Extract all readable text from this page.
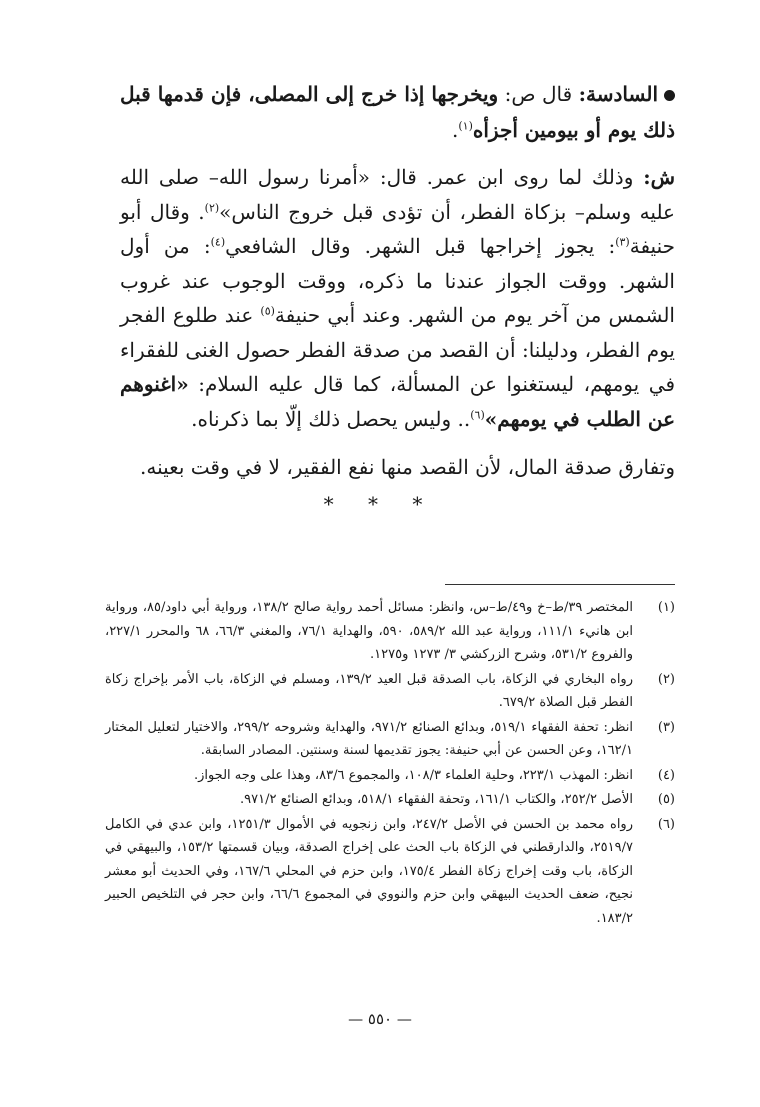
السادسة: قال ص: ويخرجها إذا خرج إلى المصلى، فإن قدمها قبل ذلك يوم أو بيومين أجزأه$^{(١)}$.
ش: وذلك لما روى ابن عمر. قال: «أمرنا رسول الله– صلى الله عليه وسلم– بزكاة الفطر، أن تؤدى قبل خروج الناس»$^{(٢)}$. وقال أبو حنيفة$^{(٣)}$: يجوز إخراجها قبل الشهر. وقال الشافعي$^{(٤)}$: من أول الشهر. ووقت الجواز عندنا ما ذكره، ووقت الوجوب عند غروب الشمس من آخر يوم من الشهر. وعند أبي حنيفة$^{(٥)}$ عند طلوع الفجر يوم الفطر، ودليلنا: أن القصد من صدقة الفطر حصول الغنى للفقراء في يومهم، ليستغنوا عن المسألة، كما قال عليه السلام: «اغنوهم عن الطلب في يومهم»$^{(٦)}$.. وليس يحصل ذلك إلّا بما ذكرناه.
وتفارق صدقة المال، لأن القصد منها نفع الفقير، لا في وقت بعينه.
* * *
(١)
المختصر ٣٩/ط–خ و٤٩/ط–س، وانظر: مسائل أحمد رواية صالح ١٣٨/٢، ورواية أبي داود/٨٥، ورواية ابن هانيء ١١١/١، ورواية عبد الله ٥٨٩/٢، ٥٩٠، والهداية ٧٦/١، والمغني ٦٦/٣، ٦٨ والمحرر ٢٢٧/١، والفروع ٥٣١/٢، وشرح الزركشي ٣/ ١٢٧٣ و١٢٧٥.
(٢)
رواه البخاري في الزكاة، باب الصدقة قبل العيد ١٣٩/٢، ومسلم في الزكاة، باب الأمر بإخراج زكاة الفطر قبل الصلاة ٦٧٩/٢.
(٣)
انظر: تحفة الفقهاء ٥١٩/١، وبدائع الصنائع ٩٧١/٢، والهداية وشروحه ٢٩٩/٢، والاختيار لتعليل المختار ١٦٢/١، وعن الحسن عن أبي حنيفة: يجوز تقديمها لسنة وسنتين. المصادر السابقة.
(٤)
انظر: المهذب ٢٢٣/١، وحلية العلماء ١٠٨/٣، والمجموع ٨٣/٦، وهذا على وجه الجواز.
(٥)
الأصل ٢٥٢/٢، والكتاب ١٦١/١، وتحفة الفقهاء ٥١٨/١، وبدائع الصنائع ٩٧١/٢.
(٦)
رواه محمد بن الحسن في الأصل ٢٤٧/٢، وابن زنجويه في الأموال ١٢٥١/٣، وابن عدي في الكامل ٢٥١٩/٧، والدارقطني في الزكاة باب الحث على إخراج الصدقة، وبيان قسمتها ١٥٣/٢، والبيهقي في الزكاة، باب وقت إخراج زكاة الفطر ١٧٥/٤، وابن حزم في المحلي ١٦٧/٦، وفي الحديث أبو معشر نجيح، ضعف الحديث البيهقي وابن حزم والنووي في المجموع ٦٦/٦، وابن حجر في التلخيص الحبير ١٨٣/٢.
— ٥٥٠ —
